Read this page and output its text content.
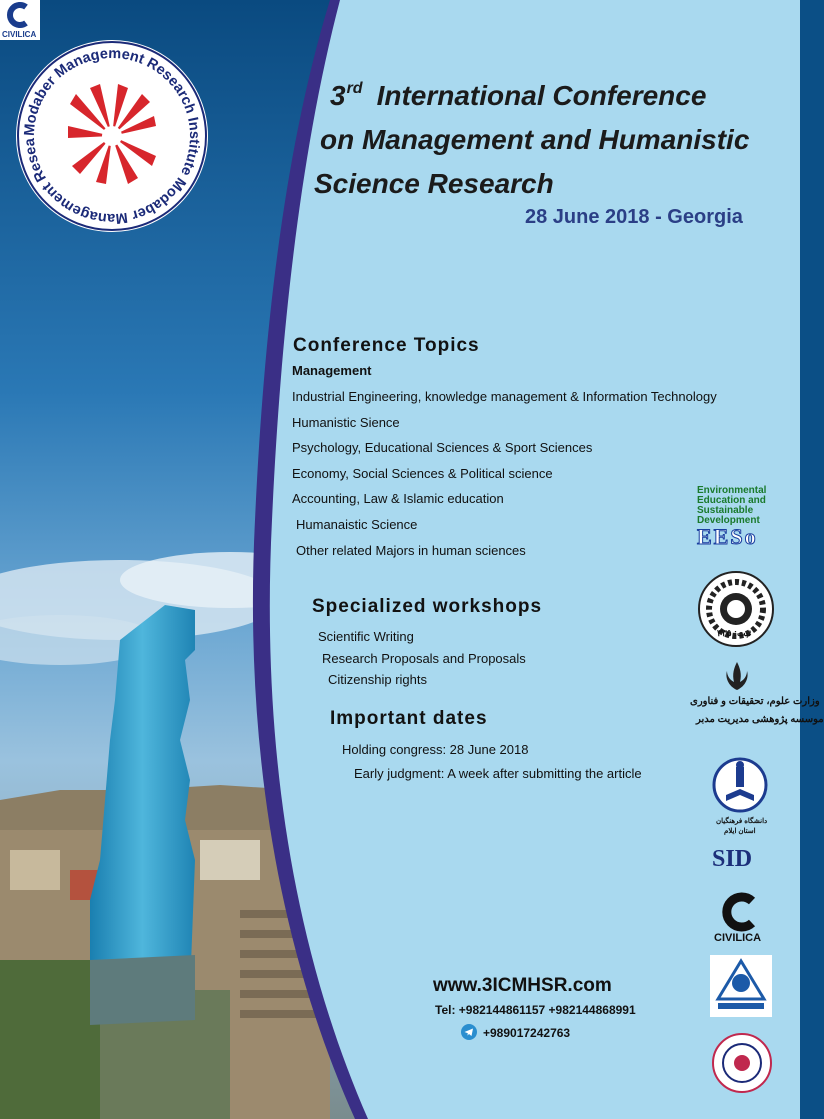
CIVILICA
Modaber Management Research Institute Modaber Management Resea
3rd International Conference
on Management and Humanistic
Science Research
28 June 2018 - Georgia
Conference Topics
Management
Industrial Engineering, knowledge management & Information Technology
Humanistic Sience
Psychology, Educational Sciences & Sport Sciences
Economy, Social Sciences & Political science
Accounting, Law & Islamic education
Humanaistic Science
Other related Majors in human sciences
Specialized workshops
Scientific Writing
Research Proposals and Proposals
Citizenship rights
Important dates
Holding congress: 28 June 2018
Early judgment: A week after submitting the article
www.3ICMHSR.com
Tel: +982144861157 +982144868991
+989017242763
Environmental
Education and
Sustainable
Development
EESo
ثبت: ۳۳۵
وزارت علوم، تحقیقات و فناوری
موسسه پژوهشی مدیریت مدبر
دانشگاه فرهنگیان
استان ایلام
SID
CIVILICA
